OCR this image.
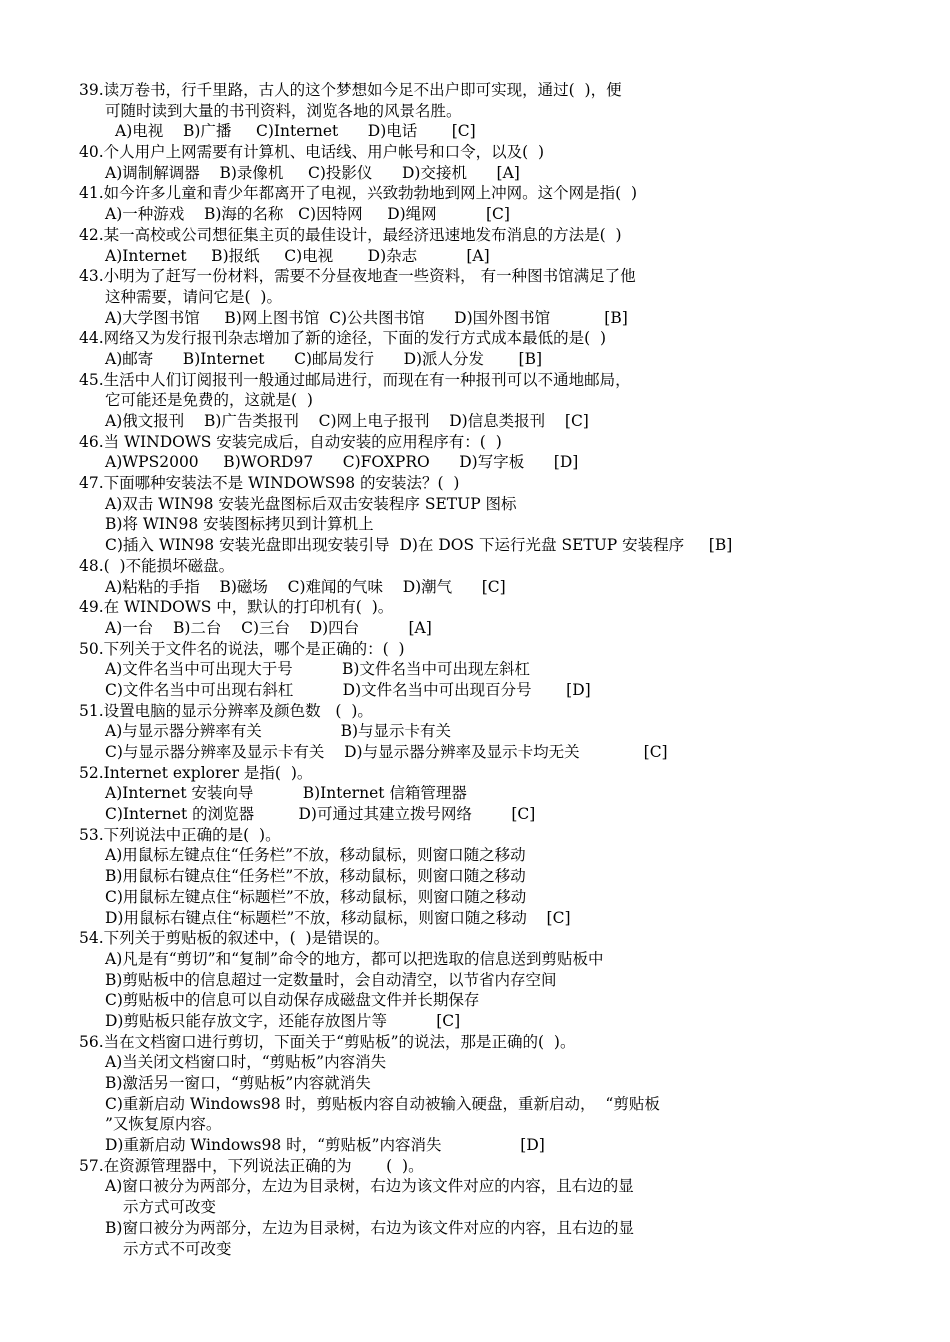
39.读万卷书，行千里路，古人的这个梦想如今足不出户即可实现，通过(  )，便
可随时读到大量的书刊资料，浏览各地的风景名胜。
A)电视    B)广播     C)Internet      D)电话       [C]
40.个人用户上网需要有计算机、电话线、用户帐号和口令，以及(  )
A)调制解调器    B)录像机     C)投影仪      D)交接机      [A]
41.如今许多儿童和青少年都离开了电视，兴致勃勃地到网上冲网。这个网是指(  )
A)一种游戏    B)海的名称   C)因特网     D)绳网          [C]
42.某一高校或公司想征集主页的最佳设计，最经济迅速地发布消息的方法是(  )
A)Internet     B)报纸     C)电视       D)杂志          [A]
43.小明为了赶写一份材料，需要不分昼夜地查一些资料， 有一种图书馆满足了他
这种需要，请问它是(  )。
A)大学图书馆     B)网上图书馆  C)公共图书馆      D)国外图书馆           [B]
44.网络又为发行报刊杂志增加了新的途径，下面的发行方式成本最低的是(  )
A)邮寄      B)Internet      C)邮局发行      D)派人分发       [B]
45.生活中人们订阅报刊一般通过邮局进行，而现在有一种报刊可以不通地邮局，
它可能还是免费的，这就是(  )
A)俄文报刊    B)广告类报刊    C)网上电子报刊    D)信息类报刊    [C]
46.当 WINDOWS 安装完成后，自动安装的应用程序有：(  )
A)WPS2000     B)WORD97      C)FOXPRO      D)写字板      [D]
47.下面哪种安装法不是 WINDOWS98 的安装法？(  )
A)双击 WIN98 安装光盘图标后双击安装程序 SETUP 图标
B)将 WIN98 安装图标拷贝到计算机上
C)插入 WIN98 安装光盘即出现安装引导  D)在 DOS 下运行光盘 SETUP 安装程序     [B]
48.(  )不能损坏磁盘。
A)粘粘的手指    B)磁场    C)难闻的气味    D)潮气      [C]
49.在 WINDOWS 中，默认的打印机有(  )。
A)一台    B)二台    C)三台    D)四台          [A]
50.下列关于文件名的说法，哪个是正确的：(  )
A)文件名当中可出现大于号          B)文件名当中可出现左斜杠
C)文件名当中可出现右斜杠          D)文件名当中可出现百分号       [D]
51.设置电脑的显示分辨率及颜色数   (  )。
A)与显示器分辨率有关                B)与显示卡有关
C)与显示器分辨率及显示卡有关    D)与显示器分辨率及显示卡均无关             [C]
52.Internet explorer 是指(  )。
A)Internet 安装向导          B)Internet 信箱管理器
C)Internet 的浏览器         D)可通过其建立拨号网络        [C]
53.下列说法中正确的是(  )。
A)用鼠标左键点住“任务栏”不放，移动鼠标，则窗口随之移动
B)用鼠标右键点住“任务栏”不放，移动鼠标，则窗口随之移动
C)用鼠标左键点住“标题栏”不放，移动鼠标，则窗口随之移动
D)用鼠标右键点住“标题栏”不放，移动鼠标，则窗口随之移动    [C]
54.下列关于剪贴板的叙述中，(  )是错误的。
A)凡是有“剪切”和“复制”命令的地方，都可以把选取的信息送到剪贴板中
B)剪贴板中的信息超过一定数量时，会自动清空，以节省内存空间
C)剪贴板中的信息可以自动保存成磁盘文件并长期保存
D)剪贴板只能存放文字，还能存放图片等          [C]
56.当在文档窗口进行剪切，下面关于“剪贴板”的说法，那是正确的(  )。
A)当关闭文档窗口时，“剪贴板”内容消失
B)激活另一窗口，“剪贴板”内容就消失
C)重新启动 Windows98 时，剪贴板内容自动被输入硬盘，重新启动，  “剪贴板
”又恢复原内容。
D)重新启动 Windows98 时，“剪贴板”内容消失                [D]
57.在资源管理器中，下列说法正确的为       (  )。
A)窗口被分为两部分，左边为目录树，右边为该文件对应的内容，且右边的显
示方式可改变
B)窗口被分为两部分，左边为目录树，右边为该文件对应的内容，且右边的显
示方式不可改变
